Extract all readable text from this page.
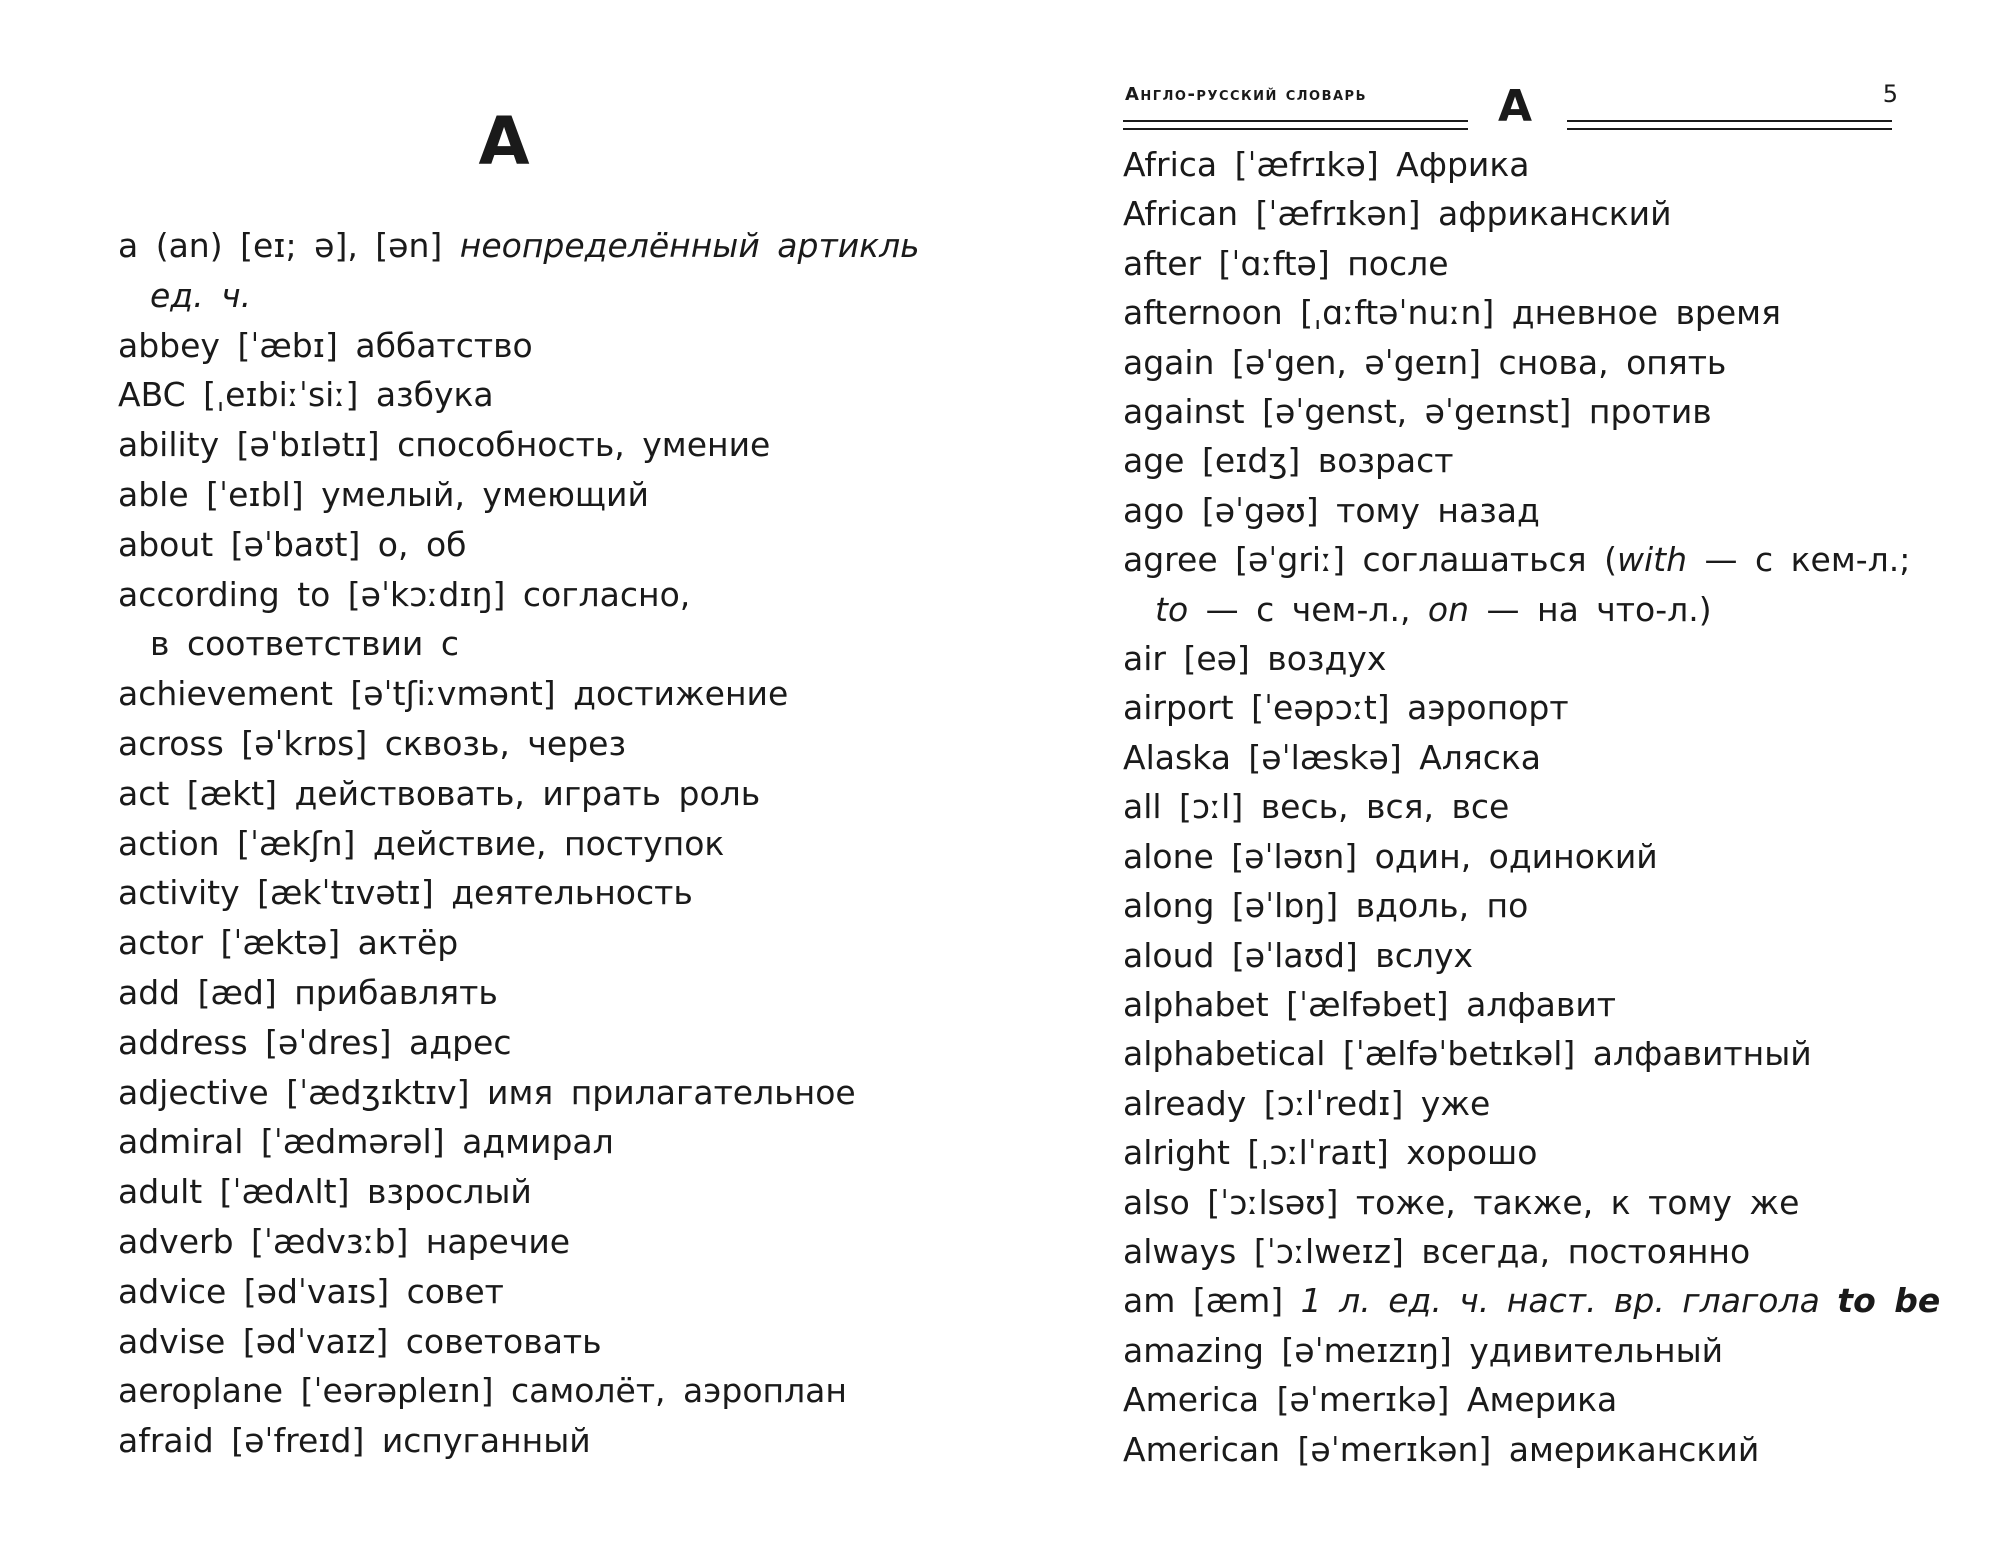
A
a (an) [eɪ; ə], [ən] неопределённый артикль
ед. ч.
abbey [ˈæbɪ] аббатство
ABC [ˌeɪbiːˈsiː] азбука
ability [əˈbɪlətɪ] способность, умение
able [ˈeɪbl] умелый, умеющий
about [əˈbaʊt] о, об
according to [əˈkɔːdɪŋ] согласно,
в соответствии с
achievement [əˈtʃiːvmənt] достижение
across [əˈkrɒs] сквозь, через
act [ækt] действовать, играть роль
action [ˈækʃn] действие, поступок
activity [ækˈtɪvətɪ] деятельность
actor [ˈæktə] актёр
add [æd] прибавлять
address [əˈdres] адрес
adjective [ˈædʒɪktɪv] имя прилагательное
admiral [ˈædmərəl] адмирал
adult [ˈædʌlt] взрослый
adverb [ˈædvɜːb] наречие
advice [ədˈvaɪs] совет
advise [ədˈvaɪz] советовать
aeroplane [ˈeərəpleɪn] самолёт, аэроплан
afraid [əˈfreɪd] испуганный
Англо-русский словарь	A	5
Africa [ˈæfrɪkə] Африка
African [ˈæfrɪkən] африканский
after [ˈɑːftə] после
afternoon [ˌɑːftəˈnuːn] дневное время
again [əˈgen, əˈgeɪn] снова, опять
against [əˈgenst, əˈgeɪnst] против
age [eɪdʒ] возраст
ago [əˈgəʊ] тому назад
agree [əˈgriː] соглашаться (with — с кем-л.;
to — с чем-л., on — на что-л.)
air [eə] воздух
airport [ˈeəpɔːt] аэропорт
Alaska [əˈlæskə] Аляска
all [ɔːl] весь, вся, все
alone [əˈləʊn] один, одинокий
along [əˈlɒŋ] вдоль, по
aloud [əˈlaʊd] вслух
alphabet [ˈælfəbet] алфавит
alphabetical [ˈælfəˈbetɪkəl] алфавитный
already [ɔːlˈredɪ] уже
alright [ˌɔːlˈraɪt] хорошо
also [ˈɔːlsəʊ] тоже, также, к тому же
always [ˈɔːlweɪz] всегда, постоянно
am [æm] 1 л. ед. ч. наст. вр. глагола to be
amazing [əˈmeɪzɪŋ] удивительный
America [əˈmerɪkə] Америка
American [əˈmerɪkən] американский
